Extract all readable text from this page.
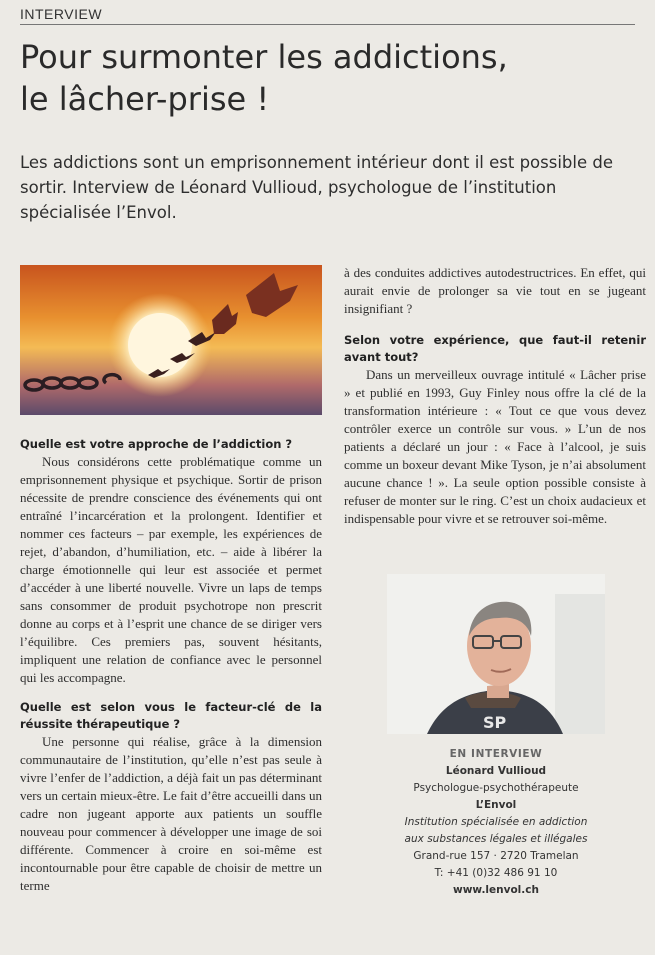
INTERVIEW
Pour surmonter les addictions,
le lâcher-prise !

Les addictions sont un emprisonnement intérieur dont il est possible de sortir. Interview de Léonard Vullioud, psychologue de l’institution spécialisée l’Envol.

Quelle est votre approche de l’addiction ?

Nous considérons cette problématique comme un emprisonnement physique et psychique. Sortir de prison nécessite de prendre conscience des événements qui ont entraîné l’incarcération et la prolongent. Identifier et nommer ces facteurs – par exemple, les expériences de rejet, d’abandon, d’humiliation, etc. – aide à libérer la charge émotionnelle qui leur est associée et permet d’accéder à une liberté nouvelle. Vivre un laps de temps sans consommer de produit psychotrope non prescrit donne au corps et à l’esprit une chance de se diriger vers l’équilibre. Ces premiers pas, souvent hésitants, impliquent une relation de confiance avec le personnel qui les accompagne.

Quelle est selon vous le facteur-clé de la réussite thérapeutique ?

Une personne qui réalise, grâce à la dimension communautaire de l’institution, qu’elle n’est pas seule à vivre l’enfer de l’addiction, a déjà fait un pas déterminant vers un certain mieux-être. Le fait d’être accueilli dans un cadre non jugeant apporte aux patients un souffle nouveau pour commencer à développer une image de soi différente. Commencer à croire en soi-même est incontournable pour être capable de choisir de mettre un terme

à des conduites addictives autodestructrices. En effet, qui aurait envie de prolonger sa vie tout en se jugeant insignifiant ?

Selon votre expérience, que faut-il retenir avant tout?

Dans un merveilleux ouvrage intitulé « Lâcher prise » et publié en 1993, Guy Finley nous offre la clé de la transformation intérieure : « Tout ce que vous devez contrôler exerce un contrôle sur vous. » L’un de nos patients a déclaré un jour : « Face à l’alcool, je suis comme un boxeur devant Mike Tyson, je n’ai absolument aucune chance ! ». La seule option possible consiste à refuser de monter sur le ring. C’est un choix audacieux et indispensable pour vivre et se retrouver soi-même.

SP
EN INTERVIEW
Léonard Vullioud
Psychologue-psychothérapeute
L’Envol
Institution spécialisée en addiction
aux substances légales et illégales
Grand-rue 157 · 2720 Tramelan
T: +41 (0)32 486 91 10
www.lenvol.ch
